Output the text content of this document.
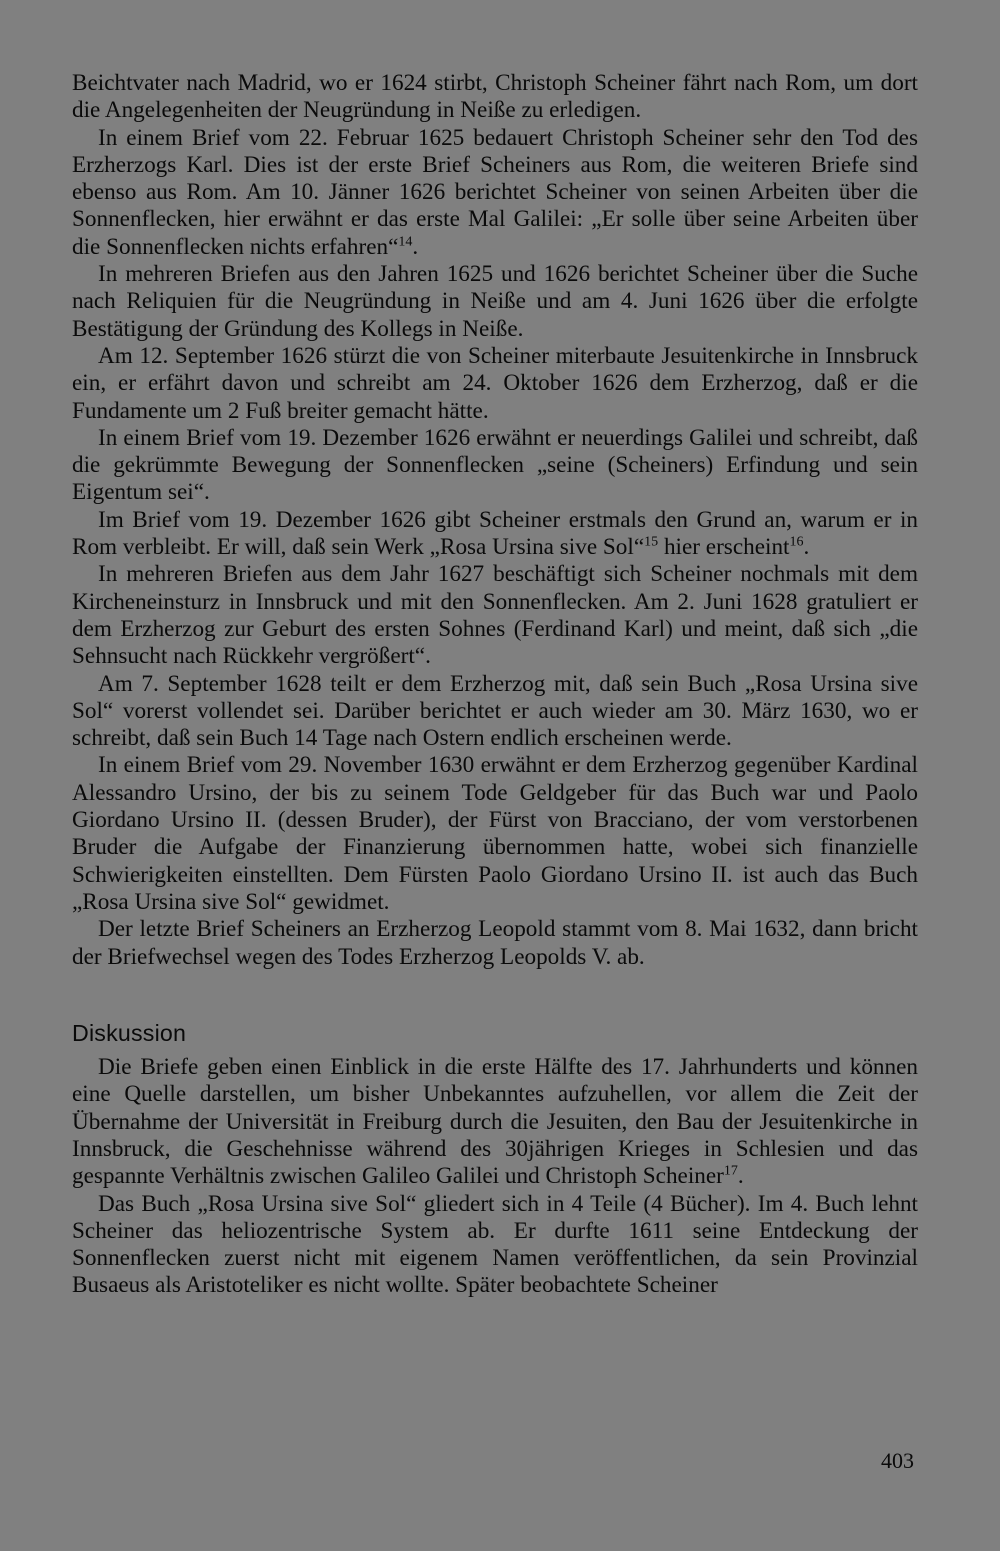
Beichtvater nach Madrid, wo er 1624 stirbt, Christoph Scheiner fährt nach Rom, um dort die Angelegenheiten der Neugründung in Neiße zu erledigen.

In einem Brief vom 22. Februar 1625 bedauert Christoph Scheiner sehr den Tod des Erzherzogs Karl. Dies ist der erste Brief Scheiners aus Rom, die weiteren Briefe sind ebenso aus Rom. Am 10. Jänner 1626 berichtet Scheiner von seinen Arbeiten über die Sonnenflecken, hier erwähnt er das erste Mal Galilei: „Er solle über seine Arbeiten über die Sonnenflecken nichts erfahren“$^{14}$.

In mehreren Briefen aus den Jahren 1625 und 1626 berichtet Scheiner über die Suche nach Reliquien für die Neugründung in Neiße und am 4. Juni 1626 über die erfolgte Bestätigung der Gründung des Kollegs in Neiße.

Am 12. September 1626 stürzt die von Scheiner miterbaute Jesuitenkirche in Innsbruck ein, er erfährt davon und schreibt am 24. Oktober 1626 dem Erzherzog, daß er die Fundamente um 2 Fuß breiter gemacht hätte.

In einem Brief vom 19. Dezember 1626 erwähnt er neuerdings Galilei und schreibt, daß die gekrümmte Bewegung der Sonnenflecken „seine (Scheiners) Erfindung und sein Eigentum sei“.

Im Brief vom 19. Dezember 1626 gibt Scheiner erstmals den Grund an, warum er in Rom verbleibt. Er will, daß sein Werk „Rosa Ursina sive Sol“$^{15}$ hier erscheint$^{16}$.

In mehreren Briefen aus dem Jahr 1627 beschäftigt sich Scheiner nochmals mit dem Kircheneinsturz in Innsbruck und mit den Sonnenflecken. Am 2. Juni 1628 gratuliert er dem Erzherzog zur Geburt des ersten Sohnes (Ferdinand Karl) und meint, daß sich „die Sehnsucht nach Rückkehr vergrößert“.

Am 7. September 1628 teilt er dem Erzherzog mit, daß sein Buch „Rosa Ursina sive Sol“ vorerst vollendet sei. Darüber berichtet er auch wieder am 30. März 1630, wo er schreibt, daß sein Buch 14 Tage nach Ostern endlich erscheinen werde.

In einem Brief vom 29. November 1630 erwähnt er dem Erzherzog gegenüber Kardinal Alessandro Ursino, der bis zu seinem Tode Geldgeber für das Buch war und Paolo Giordano Ursino II. (dessen Bruder), der Fürst von Bracciano, der vom verstorbenen Bruder die Aufgabe der Finanzierung übernommen hatte, wobei sich finanzielle Schwierigkeiten einstellten. Dem Fürsten Paolo Giordano Ursino II. ist auch das Buch „Rosa Ursina sive Sol“ gewidmet.

Der letzte Brief Scheiners an Erzherzog Leopold stammt vom 8. Mai 1632, dann bricht der Briefwechsel wegen des Todes Erzherzog Leopolds V. ab.

Diskussion

Die Briefe geben einen Einblick in die erste Hälfte des 17. Jahrhunderts und können eine Quelle darstellen, um bisher Unbekanntes aufzuhellen, vor allem die Zeit der Übernahme der Universität in Freiburg durch die Jesuiten, den Bau der Jesuitenkirche in Innsbruck, die Geschehnisse während des 30jährigen Krieges in Schlesien und das gespannte Verhältnis zwischen Galileo Galilei und Christoph Scheiner$^{17}$.

Das Buch „Rosa Ursina sive Sol“ gliedert sich in 4 Teile (4 Bücher). Im 4. Buch lehnt Scheiner das heliozentrische System ab. Er durfte 1611 seine Entdeckung der Sonnenflecken zuerst nicht mit eigenem Namen veröffentlichen, da sein Provinzial Busaeus als Aristoteliker es nicht wollte. Später beobachtete Scheiner

403
